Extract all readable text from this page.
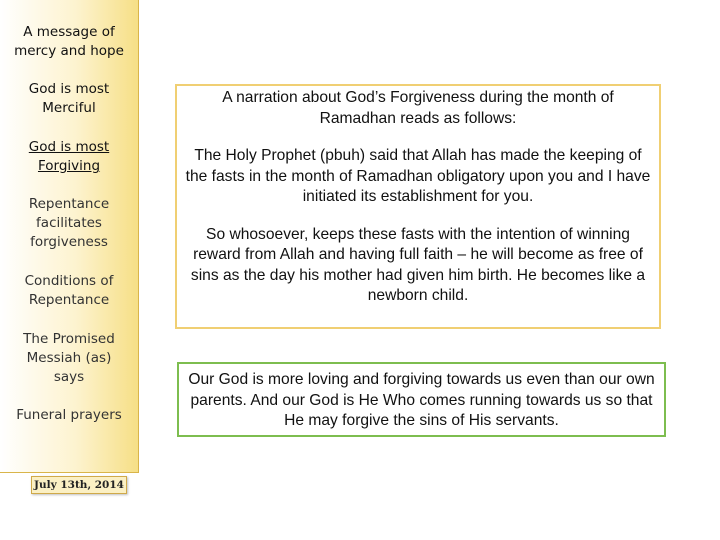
A message of mercy and hope
God is most Merciful
God is most Forgiving
Repentance facilitates forgiveness
Conditions of Repentance
The Promised Messiah (as) says
Funeral prayers
July 13th, 2014

A narration about God’s Forgiveness during the month of Ramadhan reads as follows:

The Holy Prophet (pbuh) said that Allah has made the keeping of the fasts in the month of Ramadhan obligatory upon you and I have initiated its establishment for you.

So whosoever, keeps these fasts with the intention of winning reward from Allah and having full faith – he will become as free of sins as the day his mother had given him birth. He becomes like a newborn child.

Our God is more loving and forgiving towards us even than our own parents. And our God is He Who comes running towards us so that He may forgive the sins of His servants.
